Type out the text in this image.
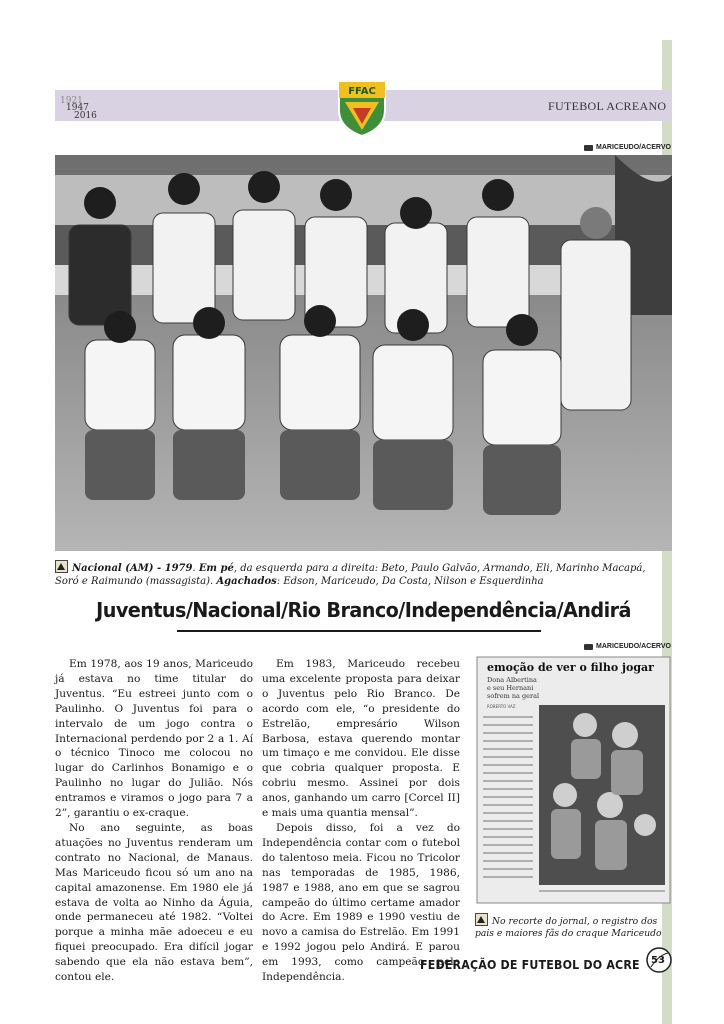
1921
1947
2016
FUTEBOL ACREANO
FFAC
MARICEUDO/ACERVO
Nacional (AM) - 1979. Em pé, da esquerda para a direita: Beto, Paulo Galvão, Armando, Eli, Marinho Macapá, Soró e Raimundo (massagista). Agachados: Edson, Mariceudo, Da Costa, Nilson e Esquerdinha
Juventus/Nacional/Rio Branco/Independência/Andirá
MARICEUDO/ACERVO

Em 1978, aos 19 anos, Mariceudo já estava no time titular do Juventus. “Eu estreei junto com o Paulinho. O Juventus foi para o intervalo de um jogo contra o Internacional perdendo por 2 a 1. Aí o técnico Tinoco me colocou no lugar do Carlinhos Bonamigo e o Paulinho no lugar do Julião. Nós entramos e viramos o jogo para 7 a 2”, garantiu o ex-craque.

No ano seguinte, as boas atuações no Juventus renderam um contrato no Nacional, de Manaus. Mas Mariceudo ficou só um ano na capital amazonense. Em 1980 ele já estava de volta ao Ninho da Águia, onde permaneceu até 1982. “Voltei porque a minha mãe adoeceu e eu fiquei preocupado. Era difícil jogar sabendo que ela não estava bem”, contou ele.

Em 1983, Mariceudo recebeu uma excelente proposta para deixar o Juventus pelo Rio Branco. De acordo com ele, “o presidente do Estrelão, empresário Wilson Barbosa, estava querendo montar um timaço e me convidou. Ele disse que cobria qualquer proposta. E cobriu mesmo. Assinei por dois anos, ganhando um carro [Corcel II] e mais uma quantia mensal”.

Depois disso, foi a vez do Independência contar com o futebol do talentoso meia. Ficou no Tricolor nas temporadas de 1985, 1986, 1987 e 1988, ano em que se sagrou campeão do último certame amador do Acre. Em 1989 e 1990 vestiu de novo a camisa do Estrelão. Em 1991 e 1992 jogou pelo Andirá. E parou em 1993, como campeão pelo Independência.

emoção de ver o filho jogar
Dona Albertina
e seu Hernani
sofrem na geral
ROBERTO VAZ
No recorte do jornal, o registro dos pais e maiores fãs do craque Mariceudo
FEDERAÇÃO DE FUTEBOL DO ACRE 53
